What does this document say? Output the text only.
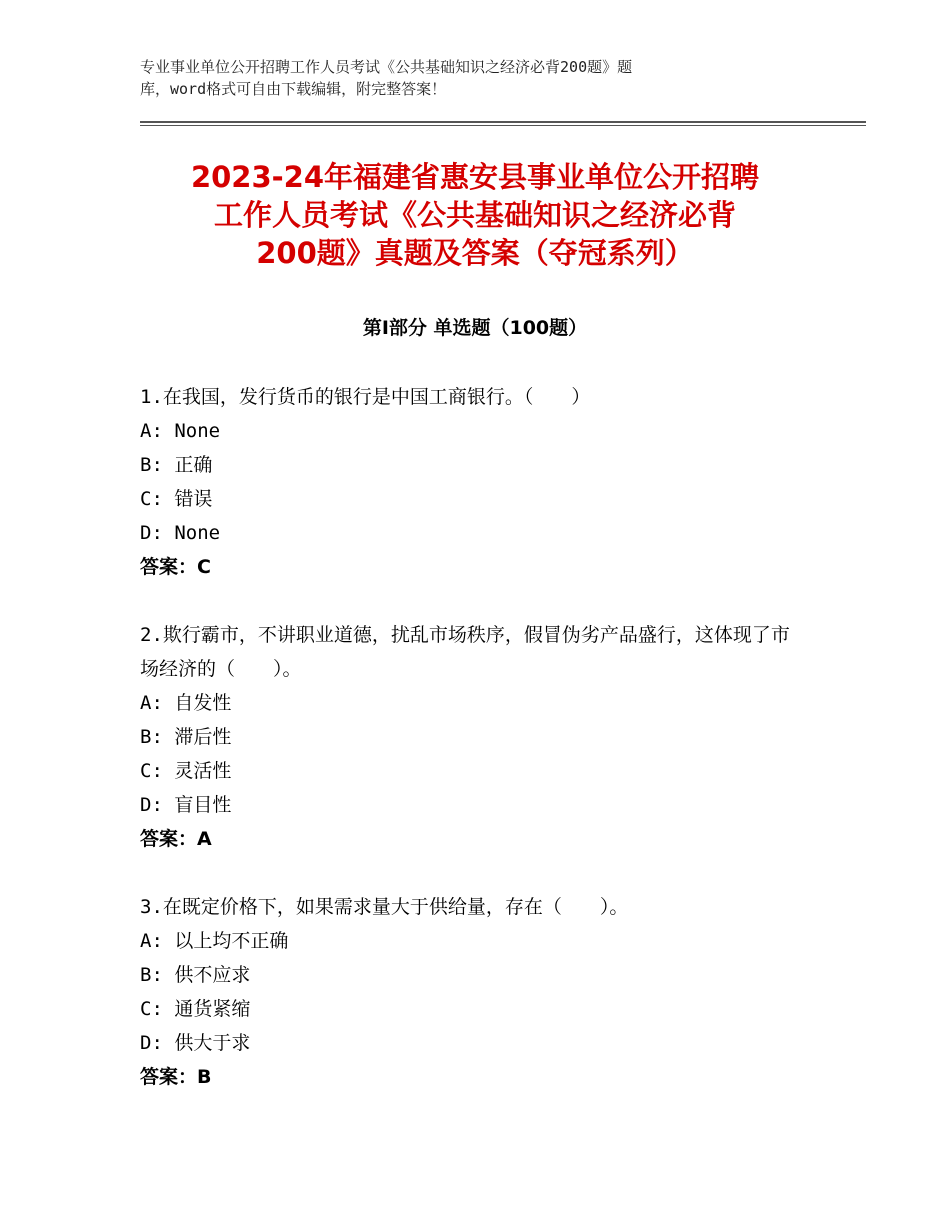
专业事业单位公开招聘工作人员考试《公共基础知识之经济必背200题》题
库，word格式可自由下载编辑，附完整答案！
2023-24年福建省惠安县事业单位公开招聘
工作人员考试《公共基础知识之经济必背
200题》真题及答案（夺冠系列）
第Ⅰ部分 单选题（100题）
1.在我国，发行货币的银行是中国工商银行。（　　）
A: None
B: 正确
C: 错误
D: None
答案：C
2.欺行霸市，不讲职业道德，扰乱市场秩序，假冒伪劣产品盛行，这体现了市场经济的（　　）。
A: 自发性
B: 滞后性
C: 灵活性
D: 盲目性
答案：A
3.在既定价格下，如果需求量大于供给量，存在（　　）。
A: 以上均不正确
B: 供不应求
C: 通货紧缩
D: 供大于求
答案：B
